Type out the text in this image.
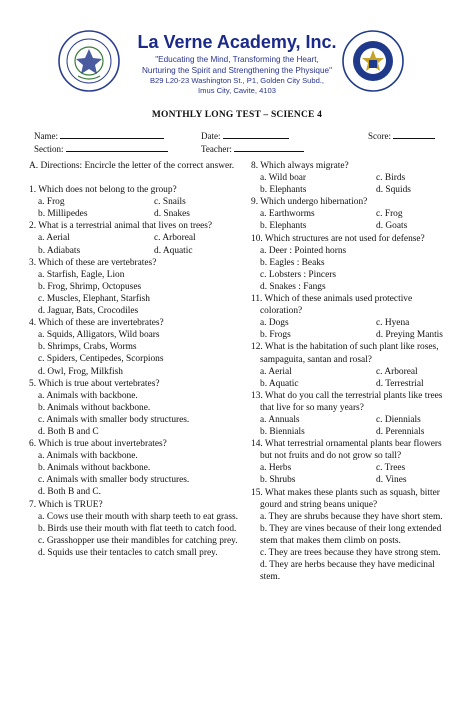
La Verne Academy, Inc.
"Educating the Mind, Transforming the Heart,
Nurturing the Spirit and Strengthening the Physique"
B29 L20-23 Washington St., P1, Golden City Subd.,
Imus City, Cavite, 4103
MONTHLY LONG TEST – SCIENCE 4
Name:	Date:	Score:
Section:	Teacher:
A. Directions: Encircle the letter of the correct answer.
1. Which does not belong to the group?
a. Frog	c. Snails
b. Millipedes	d. Snakes
2. What is a terrestrial animal that lives on trees?
a. Aerial	c. Arboreal
b. Adiabats	d. Aquatic
3. Which of these are vertebrates?
a. Starfish, Eagle, Lion
b. Frog, Shrimp, Octopuses
c. Muscles, Elephant, Starfish
d. Jaguar, Bats, Crocodiles
4. Which of these are invertebrates?
a. Squids, Alligators, Wild boars
b. Shrimps, Crabs, Worms
c. Spiders, Centipedes, Scorpions
d. Owl, Frog, Milkfish
5. Which is true about vertebrates?
a. Animals with backbone.
b. Animals without backbone.
c. Animals with smaller body structures.
d. Both B and C
6. Which is true about invertebrates?
a. Animals with backbone.
b. Animals without backbone.
c. Animals with smaller body structures.
d. Both B and C.
7. Which is TRUE?
a. Cows use their mouth with sharp teeth to eat grass.
b. Birds use their mouth with flat teeth to catch food.
c. Grasshopper use their mandibles for catching prey.
d. Squids use their tentacles to catch small prey.
8. Which always migrate?
a. Wild boar	c. Birds
b. Elephants	d. Squids
9. Which undergo hibernation?
a. Earthworms	c. Frog
b. Elephants	d. Goats
10. Which structures are not used for defense?
a. Deer : Pointed horns
b. Eagles : Beaks
c. Lobsters : Pincers
d. Snakes : Fangs
11. Which of these animals used protective coloration?
a. Dogs	c. Hyena
b. Frogs	d. Preying Mantis
12. What is the habitation of such plant like roses, sampaguita, santan and rosal?
a. Aerial	c. Arboreal
b. Aquatic	d. Terrestrial
13. What do you call the terrestrial plants like trees that live for so many years?
a. Annuals	c. Diennials
b. Biennials	d. Perennials
14. What terrestrial ornamental plants bear flowers but not fruits and do not grow so tall?
a. Herbs	c. Trees
b. Shrubs	d. Vines
15. What makes these plants such as squash, bitter gourd and string beans unique?
a. They are shrubs because they have short stem.
b. They are vines because of their long extended stem that makes them climb on posts.
c. They are trees because they have strong stem.
d. They are herbs because they have medicinal stem.
